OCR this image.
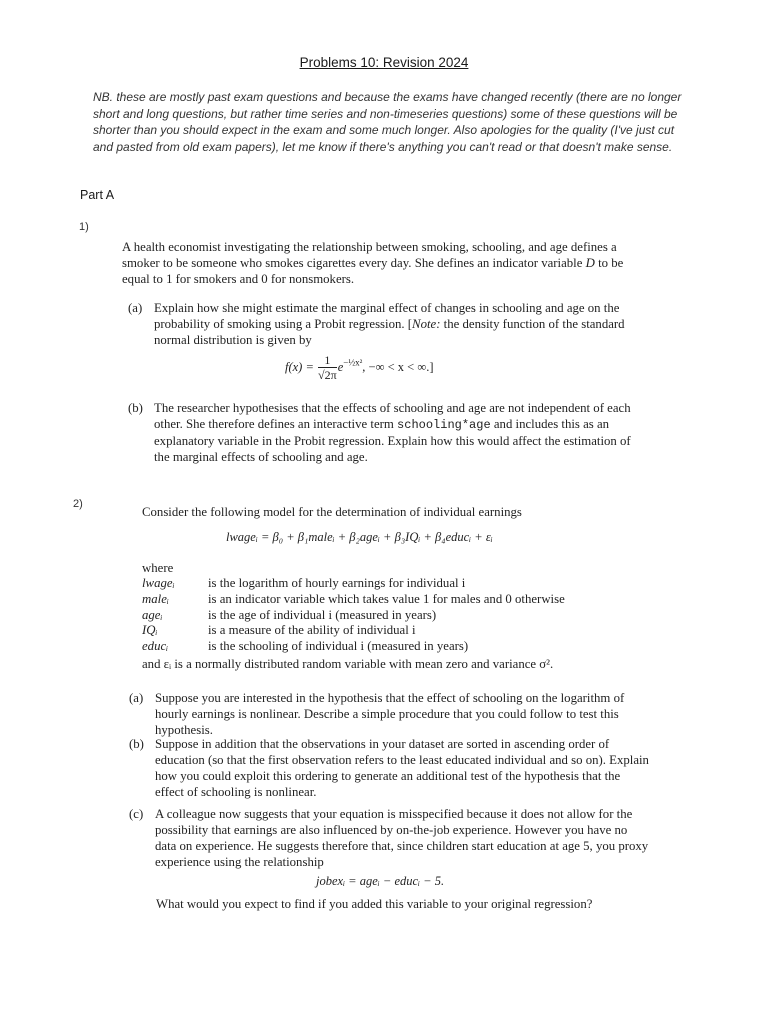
Problems 10: Revision 2024
NB. these are mostly past exam questions and because the exams have changed recently (there are no longer short and long questions, but rather time series and non-timeseries questions) some of these questions will be shorter than you should expect in the exam and some much longer. Also apologies for the quality (I've just cut and pasted from old exam papers), let me know if there's anything you can't read or that doesn't make sense.
Part A
1)
A health economist investigating the relationship between smoking, schooling, and age defines a smoker to be someone who smokes cigarettes every day. She defines an indicator variable D to be equal to 1 for smokers and 0 for nonsmokers.
(a) Explain how she might estimate the marginal effect of changes in schooling and age on the probability of smoking using a Probit regression. [Note: the density function of the standard normal distribution is given by
$f(x) = \frac{1}{√2\pi} e^{-\frac{1}{2}x^2}$, −∞ < x < ∞.]
(b) The researcher hypothesises that the effects of schooling and age are not independent of each other. She therefore defines an interactive term schooling*age and includes this as an explanatory variable in the Probit regression. Explain how this would affect the estimation of the marginal effects of schooling and age.
2)
Consider the following model for the determination of individual earnings
lwageᵢ = β₀ + β₁maleᵢ + β₂ageᵢ + β₃IQᵢ + β₄educᵢ + εᵢ
where
lwageᵢ	is the logarithm of hourly earnings for individual i
maleᵢ	is an indicator variable which takes value 1 for males and 0 otherwise
ageᵢ	is the age of individual i (measured in years)
IQᵢ	is a measure of the ability of individual i
educᵢ	is the schooling of individual i (measured in years)
and εᵢ is a normally distributed random variable with mean zero and variance σ².
(a) Suppose you are interested in the hypothesis that the effect of schooling on the logarithm of hourly earnings is nonlinear. Describe a simple procedure that you could follow to test this hypothesis.
(b) Suppose in addition that the observations in your dataset are sorted in ascending order of education (so that the first observation refers to the least educated individual and so on). Explain how you could exploit this ordering to generate an additional test of the hypothesis that the effect of schooling is nonlinear.
(c) A colleague now suggests that your equation is misspecified because it does not allow for the possibility that earnings are also influenced by on-the-job experience. However you have no data on experience. He suggests therefore that, since children start education at age 5, you proxy experience using the relationship
jobexᵢ = ageᵢ − educᵢ − 5.
What would you expect to find if you added this variable to your original regression?
